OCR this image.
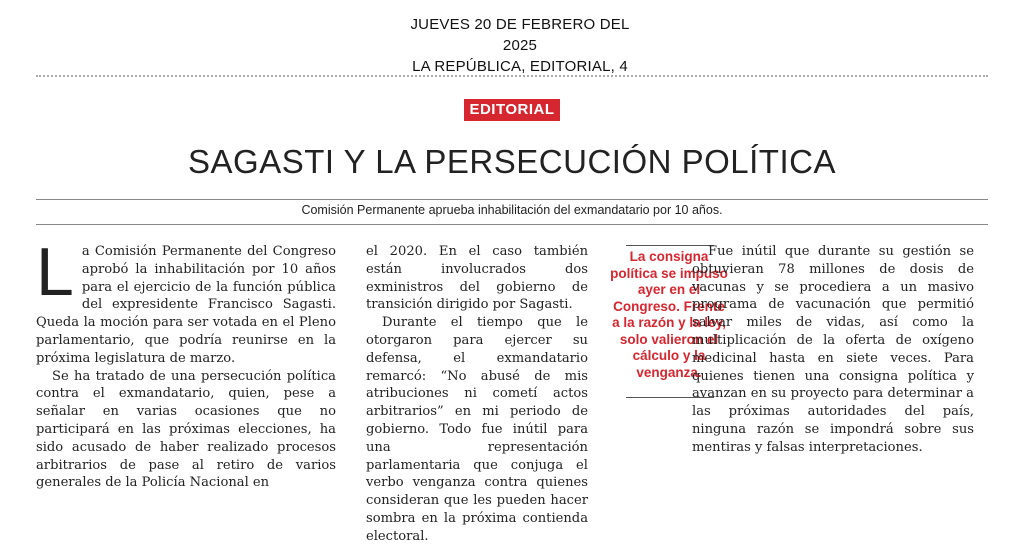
JUEVES 20 DE FEBRERO DEL 2025
LA REPÚBLICA, EDITORIAL, 4
EDITORIAL
SAGASTI Y LA PERSECUCIÓN POLÍTICA
Comisión Permanente aprueba inhabilitación del exmandatario por 10 años.
L a Comisión Permanente del Congreso aprobó la inhabilitación por 10 años para el ejercicio de la función pública del expresidente Francisco Sagasti. Queda la moción para ser votada en el Pleno parlamentario, que podría reunirse en la próxima legislatura de marzo.

Se ha tratado de una persecución política contra el exmandatario, quien, pese a señalar en varias ocasiones que no participará en las próximas elecciones, ha sido acusado de haber realizado procesos arbitrarios de pase al retiro de varios generales de la Policía Nacional en

el 2020. En el caso también están involucrados dos exministros del gobierno de transición dirigido por Sagasti.

Durante el tiempo que le otorgaron para ejercer su defensa, el exmandatario remarcó: “No abusé de mis atribuciones ni cometí actos arbitrarios” en mi periodo de gobierno. Todo fue inútil para una representación parlamentaria que conjuga el verbo venganza contra quienes consideran que les pueden hacer sombra en la próxima contienda electoral.

La consigna política se impuso ayer en el Congreso. Frente a la razón y la ley, solo valieron el cálculo y la venganza.

Fue inútil que durante su gestión se obtuvieran 78 millones de dosis de vacunas y se procediera a un masivo programa de vacunación que permitió salvar miles de vidas, así como la multiplicación de la oferta de oxígeno medicinal hasta en siete veces. Para quienes tienen una consigna política y avanzan en su proyecto para determinar a las próximas autoridades del país, ninguna razón se impondrá sobre sus mentiras y falsas interpretaciones.
